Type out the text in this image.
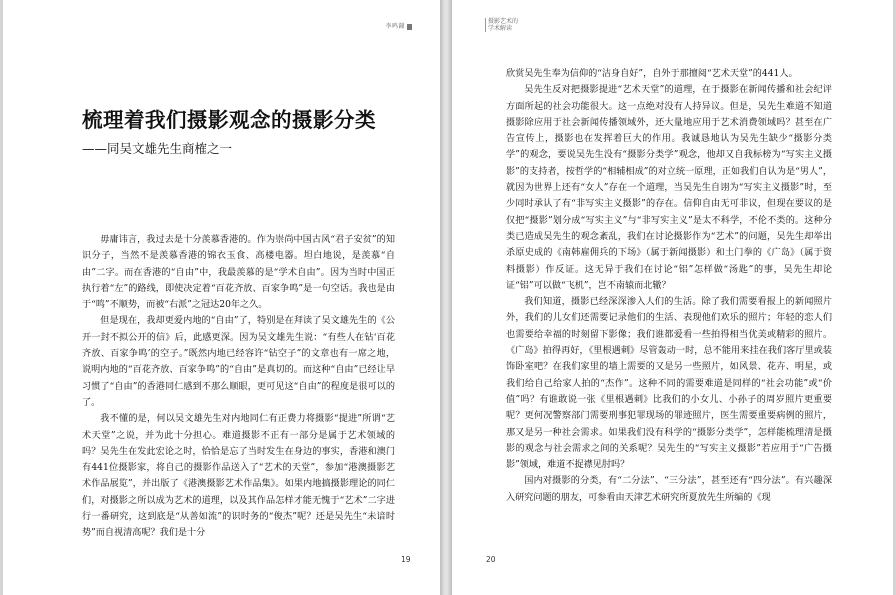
李鸣鐘
梳理着我们摄影观念的摄影分类
——同吴文雄先生商榷之一

毋庸讳言，我过去是十分羡慕香港的。作为崇尚中国古风“君子安贫”的知识分子，当然不是羡慕香港的锦衣玉食、高楼电器。坦白地说，是羡慕“自由”二字。而在香港的“自由”中，我最羡慕的是“学术自由”。因为当时中国正执行着“左”的路线，即使决定着“百花齐放、百家争鸣”是一句空话。我也是由于“鸣”不顺势，而被“右派”之冠达20年之久。

但是现在，我却更爱内地的“自由”了，特别是在拜读了吴文雄先生的《公开一封不拟公开的信》后，此感更深。因为吴文雄先生说：“有些人在钻‘百花齐放、百家争鸣’的空子。”既然内地已经容许“钻空子”的文章也有一席之地，说明内地的“百花齐放、百家争鸣”的“自由”是真切的。而这种“自由”已经让早习惯了“自由”的香港同仁感到不那么顺眼，更可见这“自由”的程度是很可以的了。

我不懂的是，何以吴文雄先生对内地同仁有正费力将摄影“提进”所谓“艺术天堂”之说，并为此十分担心。难道摄影不正有一部分是属于艺术领域的吗？吴先生在发此宏论之时，恰恰是忘了当时发生在身边的事实，香港和澳门有441位摄影家，将自己的摄影作品送入了“艺术的天堂”，参加“港澳摄影艺术作品展览”，并出版了《港澳摄影艺术作品集》。如果内地搞摄影理论的同仁们，对摄影之所以成为艺术的道理，以及其作品怎样才能无愧于“艺术”二字进行一番研究，这到底是“从善如流”的识时务的“俊杰”呢？还是吴先生“未谙时势”而自视清高呢？我们是十分

19
摄影艺术的
学术解读

欣赏吴先生奉为信仰的“洁身自好”，自外于那擅阅“艺术天堂”的441人。

吴先生反对把摄影提进“艺术天堂”的道理，在于摄影在新闻传播和社会纪评方面所起的社会功能很大。这一点绝对没有人持异议。但是，吴先生难道不知道摄影除应用于社会新闻传播领域外，还大量地应用于艺术消费领域吗？甚至在广告宣传上，摄影也在发挥着巨大的作用。我诚恳地认为吴先生缺少“摄影分类学”的观念，要说吴先生没有“摄影分类学”观念，他却又自我标榜为“写实主义摄影”的支持者，按哲学的“相辅相成”的对立统一原理，正如我们自认为是“男人”，就因为世界上还有“女人”存在一个道理，当吴先生自诩为“写实主义摄影”时，至少同时承认了有“非写实主义摄影”的存在。信仰自由无可非议，但现在要议的是仅把“摄影”划分成“写实主义”与“非写实主义”是太不科学，不伦不类的。这种分类已造成吴先生的观念紊乱，我们在讨论摄影作为“艺术”的问题，吴先生却举出杀原史成的《南韩雇佣兵的下场》（属于新闻摄影）和土门拳的《广岛》（属于资料摄影）作反证。这无异于我们在讨论“铝”怎样做“汤匙”的事，吴先生却论证“铝”可以做“飞机”，岂不南辕而北辙？

我们知道，摄影已经深深渗入人们的生活。除了我们需要看报上的新闻照片外，我们的儿女们还需要记录他们的生活、表现他们欢乐的照片；年轻的恋人们也需要给幸福的时刻留下影像；我们谁都爱看一些拍得相当优美或精彩的照片。《广岛》拍得再好，《里根遇刺》尽管轰动一时，总不能用来挂在我们客厅里或装饰卧室吧？在我们家里的墙上需要的又是另一些照片，如风景、花卉、明星，或我们给自己给家人拍的“杰作”。这种不同的需要难道是同样的“社会功能”或“价值”吗？有谁敢说一张《里根遇刺》比我们的小女儿、小孙子的周岁照片更重要呢？更何况警察部门需要刑事犯罪现场的罪迹照片，医生需要重要病例的照片，那又是另一种社会需求。如果我们没有科学的“摄影分类学”，怎样能梳理清是摄影的观念与社会需求之间的关系呢？吴先生的“写实主义摄影”若应用于“广告摄影”领域，难道不捉襟见肘吗？

国内对摄影的分类，有“二分法”、“三分法”，甚至还有“四分法”。有兴趣深入研究问题的朋友，可参看由天津艺术研究所夏放先生所编的《现

20
